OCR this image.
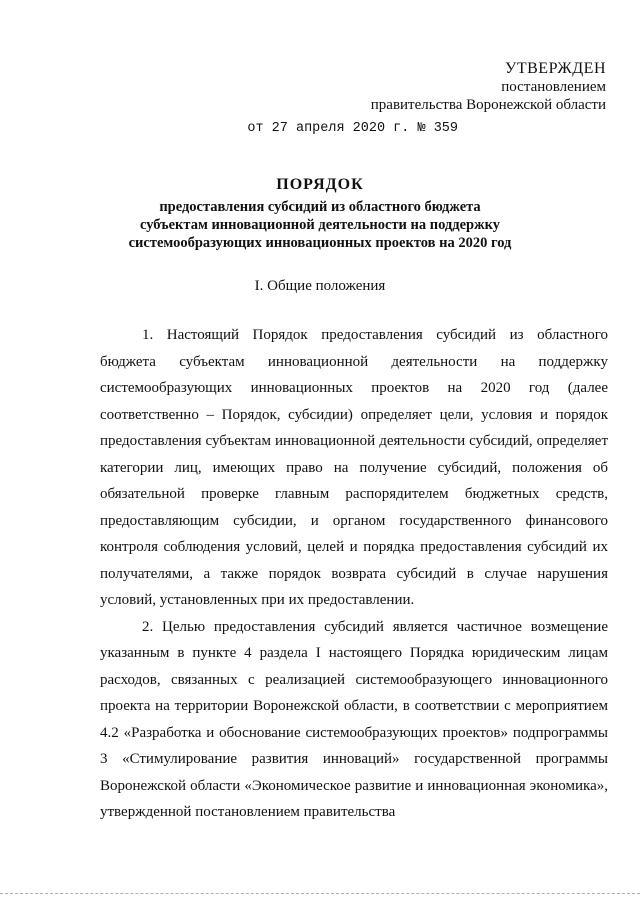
УТВЕРЖДЕН
постановлением
правительства Воронежской области
от 27 апреля 2020 г. № 359
ПОРЯДОК
предоставления субсидий из областного бюджета
субъектам инновационной деятельности на поддержку
системообразующих инновационных проектов на 2020 год
I. Общие положения

1. Настоящий Порядок предоставления субсидий из областного бюджета субъектам инновационной деятельности на поддержку системообразующих инновационных проектов на 2020 год (далее соответственно – Порядок, субсидии) определяет цели, условия и порядок предоставления субъектам инновационной деятельности субсидий, определяет категории лиц, имеющих право на получение субсидий, положения об обязательной проверке главным распорядителем бюджетных средств, предоставляющим субсидии, и органом государственного финансового контроля соблюдения условий, целей и порядка предоставления субсидий их получателями, а также порядок возврата субсидий в случае нарушения условий, установленных при их предоставлении.

2. Целью предоставления субсидий является частичное возмещение указанным в пункте 4 раздела I настоящего Порядка юридическим лицам расходов, связанных с реализацией системообразующего инновационного проекта на территории Воронежской области, в соответствии с мероприятием 4.2 «Разработка и обоснование системообразующих проектов» подпрограммы 3 «Стимулирование развития инноваций» государственной программы Воронежской области «Экономическое развитие и инновационная экономика», утвержденной постановлением правительства
